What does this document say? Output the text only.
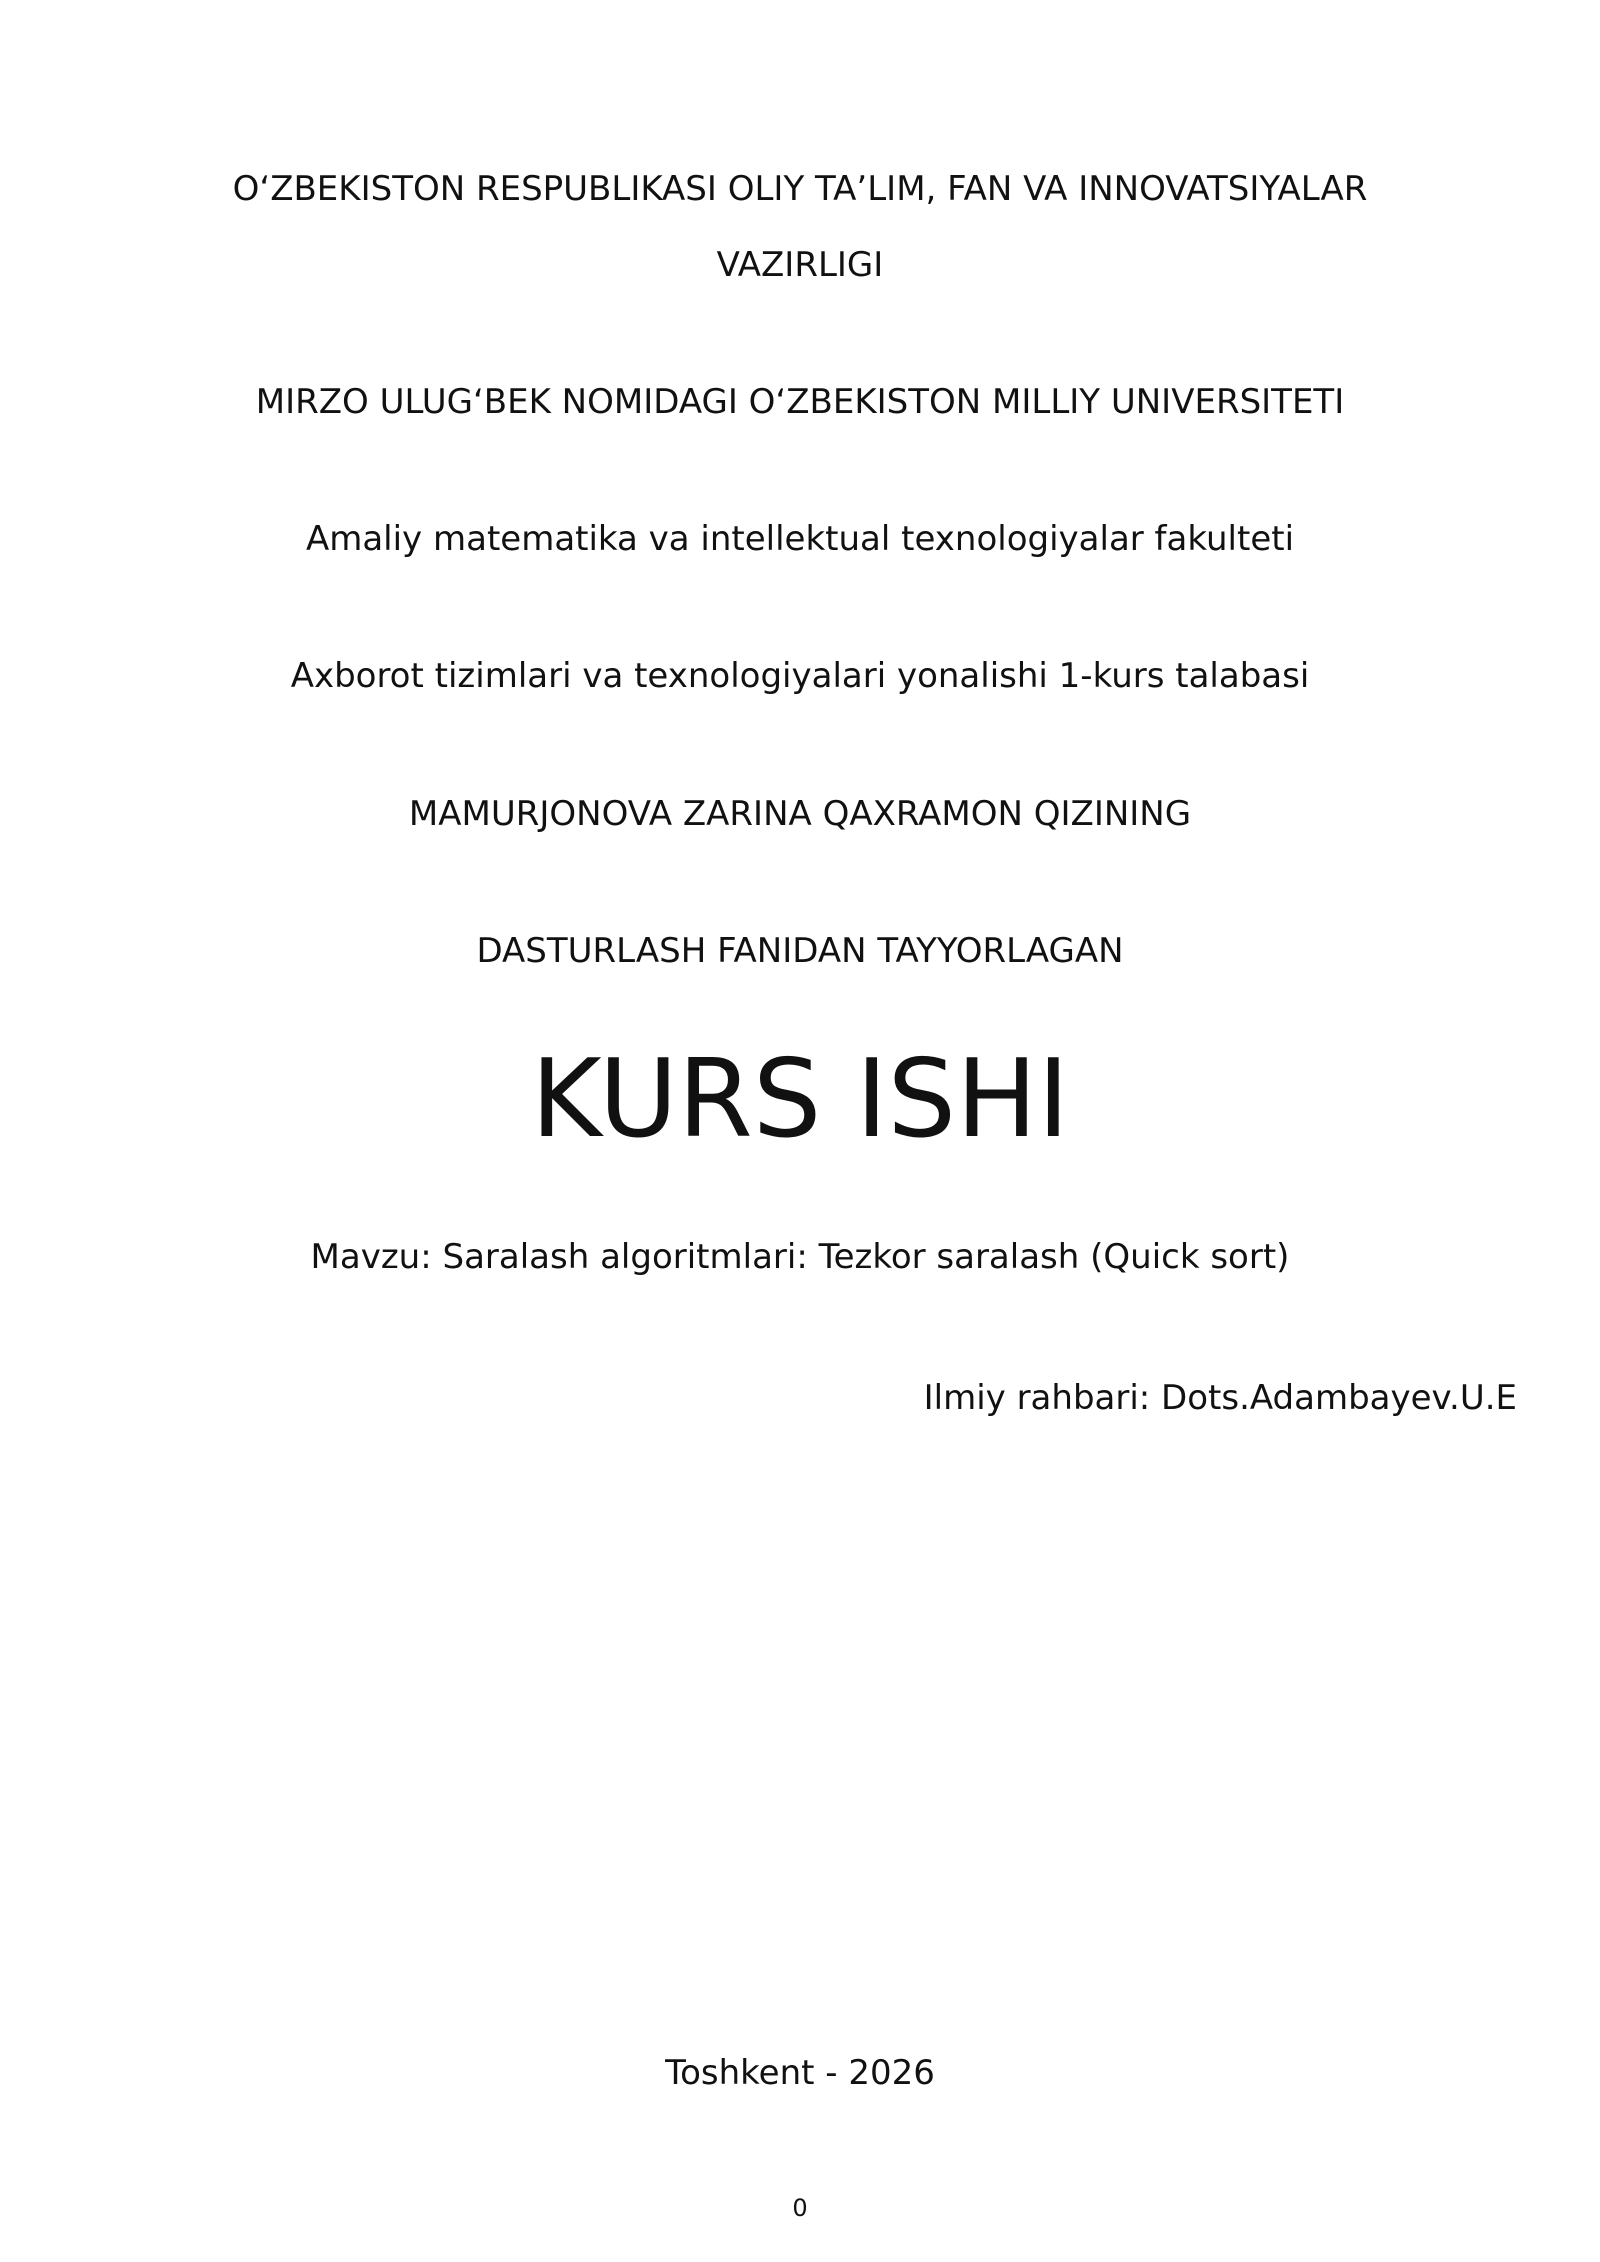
O‘ZBEKISTON RESPUBLIKASI OLIY TA’LIM, FAN VA INNOVATSIYALAR
VAZIRLIGI
MIRZO ULUG‘BEK NOMIDAGI O‘ZBEKISTON MILLIY UNIVERSITETI
Amaliy matematika va intellektual texnologiyalar fakulteti
Axborot tizimlari va texnologiyalari yonalishi 1-kurs talabasi
MAMURJONOVA ZARINA QAXRAMON QIZINING
DASTURLASH FANIDAN TAYYORLAGAN
KURS ISHI
Mavzu: Saralash algoritmlari: Tezkor saralash (Quick sort)
Ilmiy rahbari: Dots.Adambayev.U.E
Toshkent - 2026
0
